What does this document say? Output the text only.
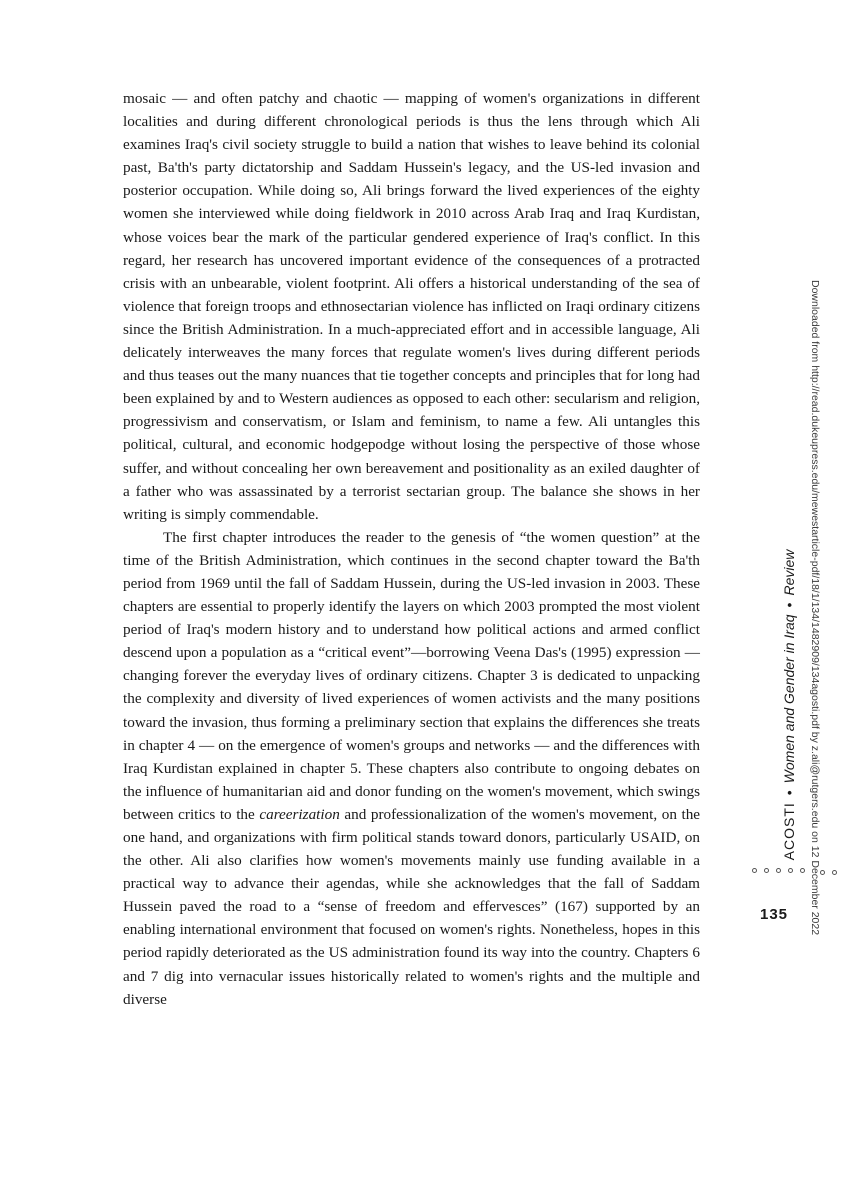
mosaic — and often patchy and chaotic — mapping of women's organizations in different localities and during different chronological periods is thus the lens through which Ali examines Iraq's civil society struggle to build a nation that wishes to leave behind its colonial past, Ba'th's party dictatorship and Saddam Hussein's legacy, and the US-led invasion and posterior occupation. While doing so, Ali brings forward the lived experiences of the eighty women she interviewed while doing fieldwork in 2010 across Arab Iraq and Iraq Kurdistan, whose voices bear the mark of the particular gendered experience of Iraq's conflict. In this regard, her research has uncovered important evidence of the consequences of a protracted crisis with an unbearable, violent footprint. Ali offers a historical understanding of the sea of violence that foreign troops and ethnosectarian violence has inflicted on Iraqi ordinary citizens since the British Administration. In a much-appreciated effort and in accessible language, Ali delicately interweaves the many forces that regulate women's lives during different periods and thus teases out the many nuances that tie together concepts and principles that for long had been explained by and to Western audiences as opposed to each other: secularism and religion, progressivism and conservatism, or Islam and feminism, to name a few. Ali untangles this political, cultural, and economic hodgepodge without losing the perspective of those whose suffer, and without concealing her own bereavement and positionality as an exiled daughter of a father who was assassinated by a terrorist sectarian group. The balance she shows in her writing is simply commendable.

The first chapter introduces the reader to the genesis of “the women question” at the time of the British Administration, which continues in the second chapter toward the Ba'th period from 1969 until the fall of Saddam Hussein, during the US-led invasion in 2003. These chapters are essential to properly identify the layers on which 2003 prompted the most violent period of Iraq's modern history and to understand how political actions and armed conflict descend upon a population as a “critical event”—borrowing Veena Das's (1995) expression — changing forever the everyday lives of ordinary citizens. Chapter 3 is dedicated to unpacking the complexity and diversity of lived experiences of women activists and the many positions toward the invasion, thus forming a preliminary section that explains the differences she treats in chapter 4 — on the emergence of women's groups and networks — and the differences with Iraq Kurdistan explained in chapter 5. These chapters also contribute to ongoing debates on the influence of humanitarian aid and donor funding on the women's movement, which swings between critics to the careerization and professionalization of the women's movement, on the one hand, and organizations with firm political stands toward donors, particularly USAID, on the other. Ali also clarifies how women's movements mainly use funding available in a practical way to advance their agendas, while she acknowledges that the fall of Saddam Hussein paved the road to a “sense of freedom and effervesces” (167) supported by an enabling international environment that focused on women's rights. Nonetheless, hopes in this period rapidly deteriorated as the US administration found its way into the country. Chapters 6 and 7 dig into vernacular issues historically related to women's rights and the multiple and diverse

ACOSTI•Women and Gender in Iraq•Review Downloaded from http://read.dukeupress.edu/mewestarticle-pdf/18/1/134/1482909/134agosti.pdf by z.ali@rutgers.edu on 12 December 2022
135
